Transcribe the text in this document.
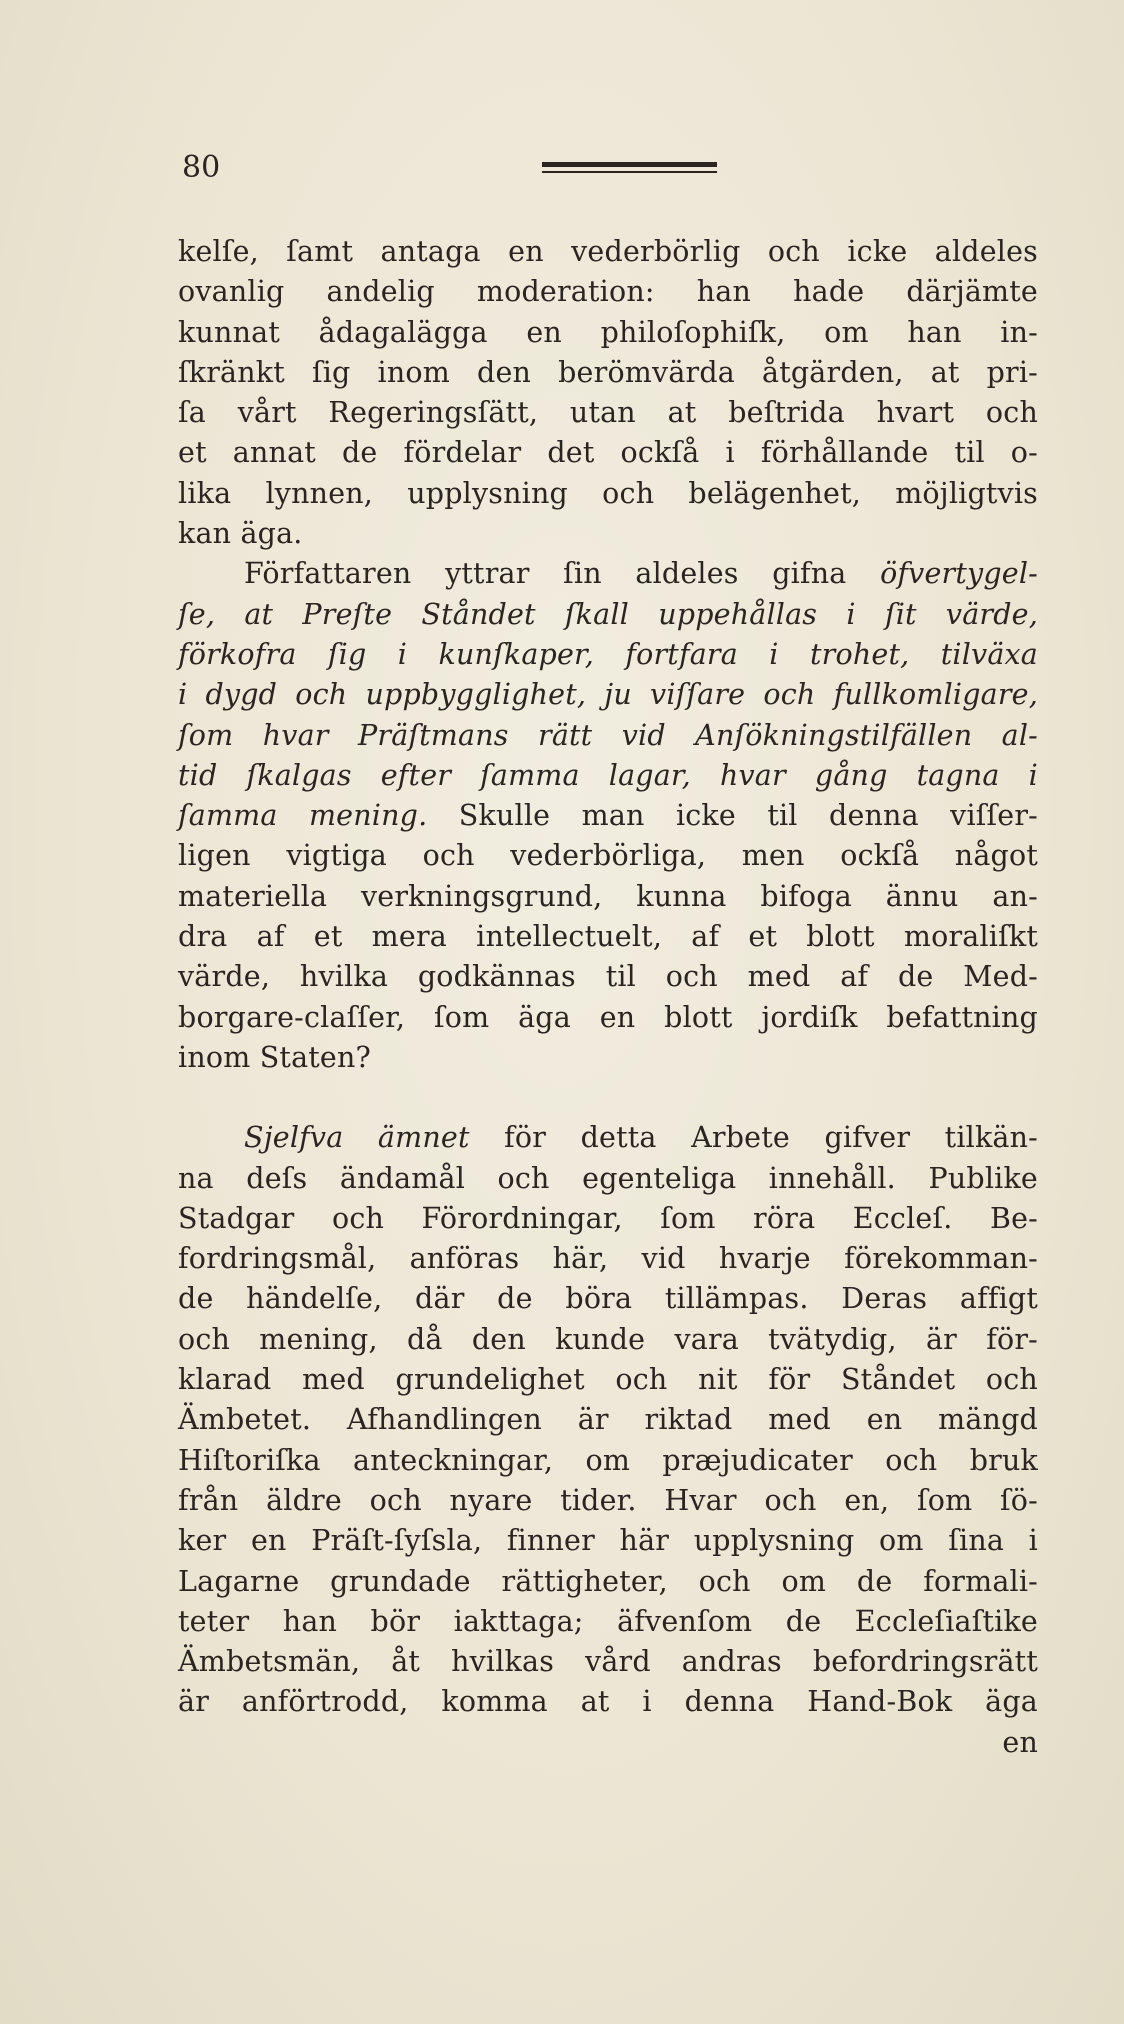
80
kelſe, ſamt antaga en vederbörlig och icke aldeles
ovanlig andelig moderation: han hade därjämte
kunnat ådagalägga en philoſophiſk, om han in-
ſkränkt ſig inom den berömvärda åtgärden, at pri-
ſa vårt Regeringsſätt, utan at beſtrida hvart och
et annat de fördelar det ockſå i förhållande til o-
lika lynnen, upplysning och belägenhet, möjligtvis
kan äga.
Författaren yttrar ſin aldeles gifna öfvertygel-
ſe, at Preſte Ståndet ſkall uppehållas i ſit värde,
förkofra ſig i kunſkaper, fortfara i trohet, tilväxa
i dygd och uppbygglighet, ju viſſare och fullkomligare,
ſom hvar Präſtmans rätt vid Anſökningstilfällen al-
tid ſkalgas efter ſamma lagar, hvar gång tagna i
ſamma mening. Skulle man icke til denna viſſer-
ligen vigtiga och vederbörliga, men ockſå något
materiella verkningsgrund, kunna bifoga ännu an-
dra af et mera intellectuelt, af et blott moraliſkt
värde, hvilka godkännas til och med af de Med-
borgare-claſſer, ſom äga en blott jordiſk befattning
inom Staten?
Sjelfva ämnet för detta Arbete gifver tilkän-
na deſs ändamål och egenteliga innehåll. Publike
Stadgar och Förordningar, ſom röra Eccleſ. Be-
fordringsmål, anföras här, vid hvarje förekomman-
de händelſe, där de böra tillämpas. Deras affigt
och mening, då den kunde vara tvätydig, är för-
klarad med grundelighet och nit för Ståndet och
Ämbetet. Afhandlingen är riktad med en mängd
Hiſtoriſka anteckningar, om præjudicater och bruk
från äldre och nyare tider. Hvar och en, ſom ſö-
ker en Präſt-ſyſsla, finner här upplysning om ſina i
Lagarne grundade rättigheter, och om de formali-
teter han bör iakttaga; äfvenſom de Eccleſiaſtike
Ämbetsmän, åt hvilkas vård andras befordringsrätt
är anförtrodd, komma at i denna Hand-Bok äga
en
